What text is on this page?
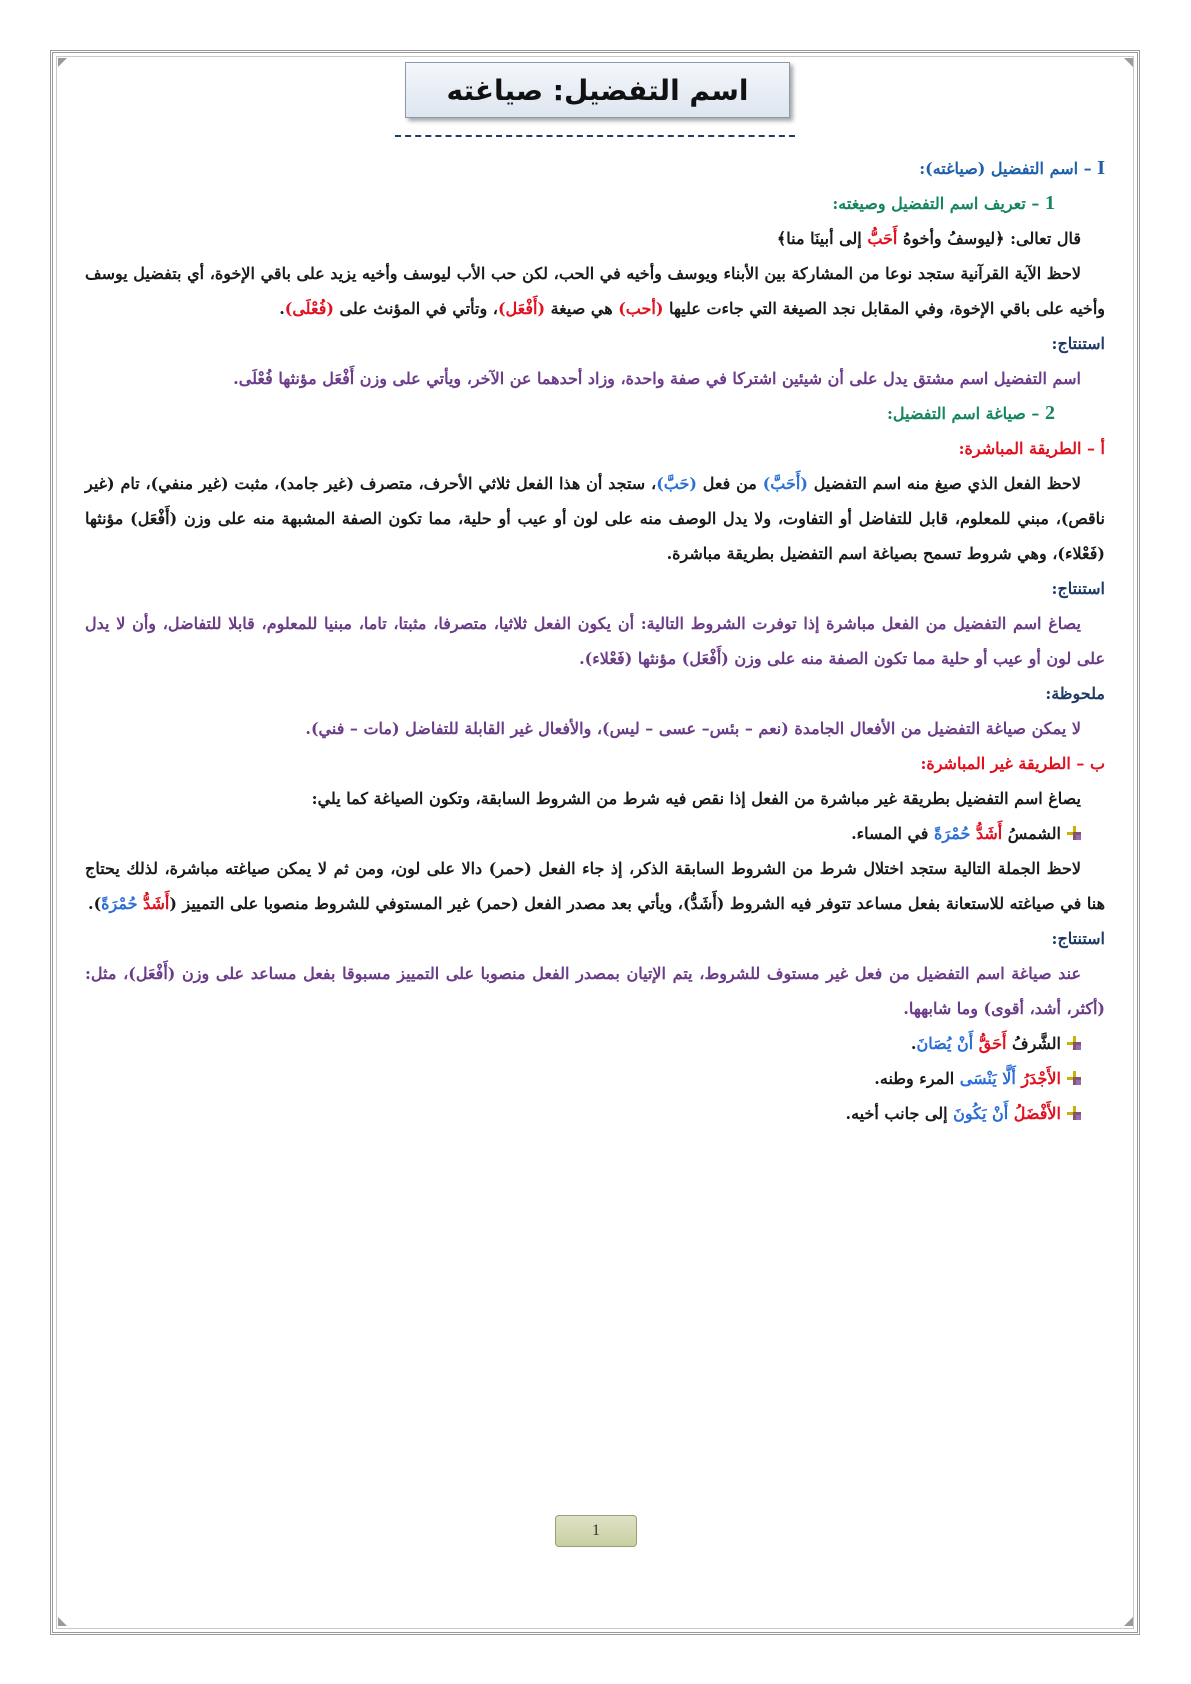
اسم التفضيل: صياغته

I – اسم التفضيل (صياغته):

1 – تعريف اسم التفضيل وصيغته:

قال تعالى: ﴿ليوسفُ وأخوهُ أَحَبُّ إلى أبينَا منا﴾

لاحظ الآية القرآنية ستجد نوعا من المشاركة بين الأبناء ويوسف وأخيه في الحب، لكن حب الأب ليوسف وأخيه يزيد على باقي الإخوة، أي بتفضيل يوسف وأخيه على باقي الإخوة، وفي المقابل نجد الصيغة التي جاءت عليها (أحب) هي صيغة (أَفْعَل)، وتأتي في المؤنث على (فُعْلَى).

استنتاج:

اسم التفضيل اسم مشتق يدل على أن شيئين اشتركا في صفة واحدة، وزاد أحدهما عن الآخر، ويأتي على وزن أَفْعَل مؤنثها فُعْلَى.

2 – صياغة اسم التفضيل:

أ – الطريقة المباشرة:

لاحظ الفعل الذي صيغ منه اسم التفضيل (أَحَبَّ) من فعل (حَبَّ)، ستجد أن هذا الفعل ثلاثي الأحرف، متصرف (غير جامد)، مثبت (غير منفي)، تام (غير ناقص)، مبني للمعلوم، قابل للتفاضل أو التفاوت، ولا يدل الوصف منه على لون أو عيب أو حلية، مما تكون الصفة المشبهة منه على وزن (أَفْعَل) مؤنثها (فَعْلاء)، وهي شروط تسمح بصياغة اسم التفضيل بطريقة مباشرة.

استنتاج:

يصاغ اسم التفضيل من الفعل مباشرة إذا توفرت الشروط التالية: أن يكون الفعل ثلاثيا، متصرفا، مثبتا، تاما، مبنيا للمعلوم، قابلا للتفاضل، وأن لا يدل على لون أو عيب أو حلية مما تكون الصفة منه على وزن (أَفْعَل) مؤنثها (فَعْلاء).

ملحوظة:

لا يمكن صياغة التفضيل من الأفعال الجامدة (نعم – بئس– عسى – ليس)، والأفعال غير القابلة للتفاضل (مات – فني).

ب – الطريقة غير المباشرة:

يصاغ اسم التفضيل بطريقة غير مباشرة من الفعل إذا نقص فيه شرط من الشروط السابقة، وتكون الصياغة كما يلي:

الشمسُ أَشَدُّ حُمْرَةً في المساء.

لاحظ الجملة التالية ستجد اختلال شرط من الشروط السابقة الذكر، إذ جاء الفعل (حمر) دالا على لون، ومن ثم لا يمكن صياغته مباشرة، لذلك يحتاج هنا في صياغته للاستعانة بفعل مساعد تتوفر فيه الشروط (أَشَدُّ)، ويأتي بعد مصدر الفعل (حمر) غير المستوفي للشروط منصوبا على التمييز (أَشَدُّ حُمْرَةً).

استنتاج:

عند صياغة اسم التفضيل من فعل غير مستوف للشروط، يتم الإتيان بمصدر الفعل منصوبا على التمييز مسبوقا بفعل مساعد على وزن (أَفْعَل)، مثل: (أكثر، أشد، أقوى) وما شابهها.

الشَّرفُ أَحَقُّ أَنْ يُصَانَ.

الأَجْدَرُ أَلَّا يَنْسَى المرء وطنه.

الأَفْضَلُ أَنْ يَكُونَ إلى جانب أخيه.

1
